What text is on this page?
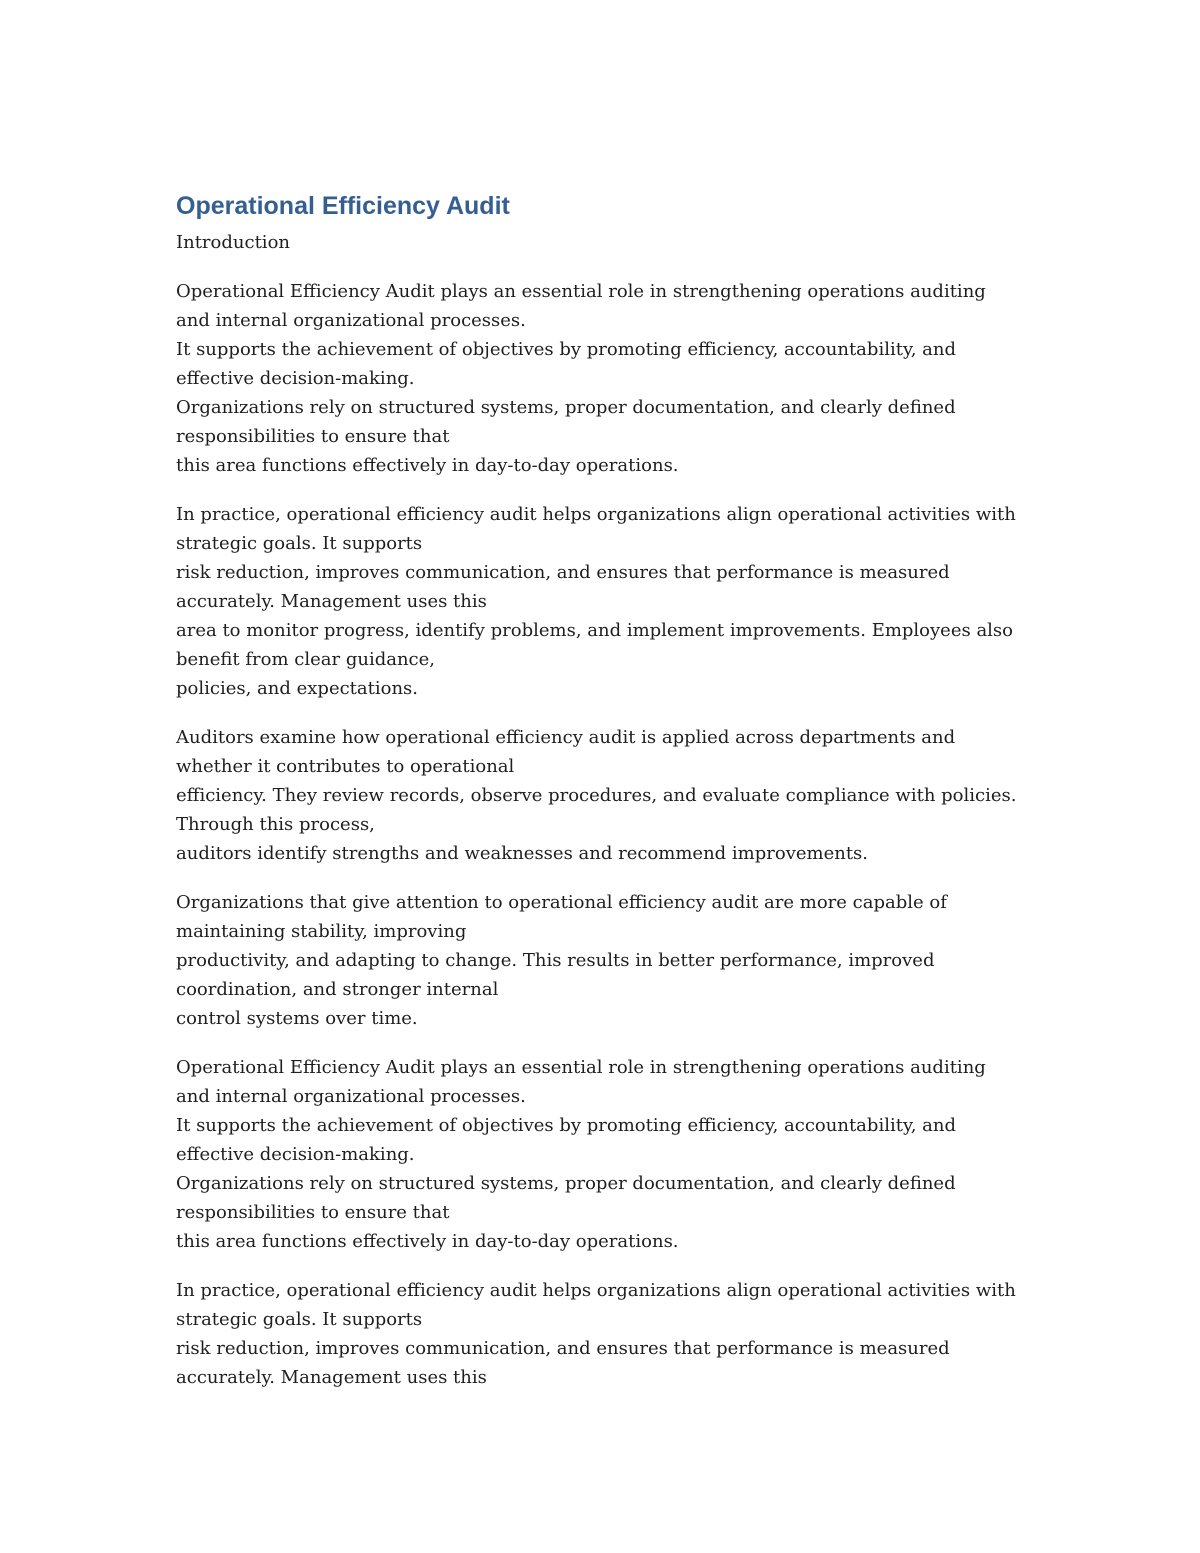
Operational Efficiency Audit

Introduction

Operational Efficiency Audit plays an essential role in strengthening operations auditing
and internal organizational processes.
It supports the achievement of objectives by promoting efficiency, accountability, and
effective decision-making.
Organizations rely on structured systems, proper documentation, and clearly defined
responsibilities to ensure that
this area functions effectively in day-to-day operations.

In practice, operational efficiency audit helps organizations align operational activities with
strategic goals. It supports
risk reduction, improves communication, and ensures that performance is measured
accurately. Management uses this
area to monitor progress, identify problems, and implement improvements. Employees also
benefit from clear guidance,
policies, and expectations.

Auditors examine how operational efficiency audit is applied across departments and
whether it contributes to operational
efficiency. They review records, observe procedures, and evaluate compliance with policies.
Through this process,
auditors identify strengths and weaknesses and recommend improvements.

Organizations that give attention to operational efficiency audit are more capable of
maintaining stability, improving
productivity, and adapting to change. This results in better performance, improved
coordination, and stronger internal
control systems over time.

Operational Efficiency Audit plays an essential role in strengthening operations auditing
and internal organizational processes.
It supports the achievement of objectives by promoting efficiency, accountability, and
effective decision-making.
Organizations rely on structured systems, proper documentation, and clearly defined
responsibilities to ensure that
this area functions effectively in day-to-day operations.

In practice, operational efficiency audit helps organizations align operational activities with
strategic goals. It supports
risk reduction, improves communication, and ensures that performance is measured
accurately. Management uses this
